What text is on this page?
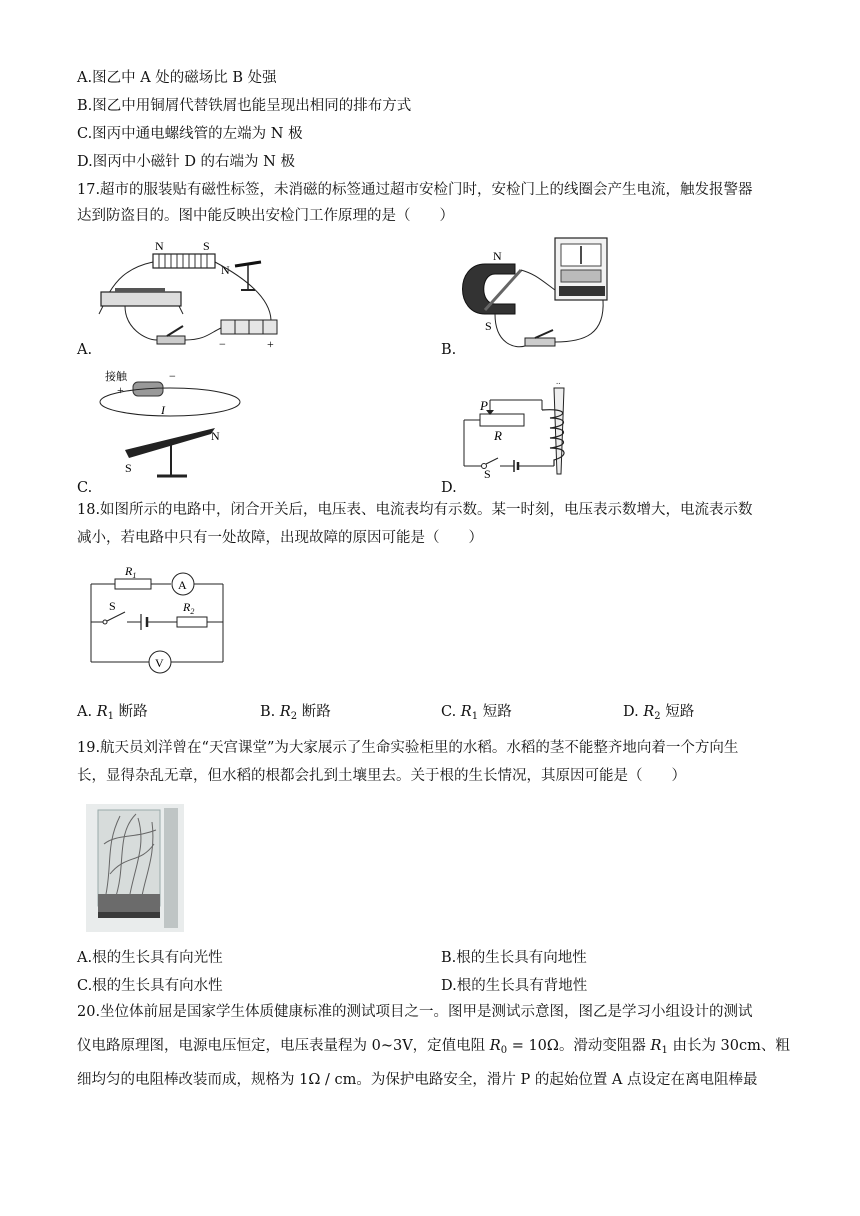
A.图乙中 A 处的磁场比 B 处强
B.图乙中用铜屑代替铁屑也能呈现出相同的排布方式
C.图丙中通电螺线管的左端为 N 极
D.图丙中小磁针 D 的右端为 N 极
17.超市的服装贴有磁性标签，未消磁的标签通过超市安检门时，安检门上的线圈会产生电流，触发报警器
达到防盗目的。图中能反映出安检门工作原理的是（　　）
N	S
N
−	+
A.
N
S
B.
接触
+
−
I
N
S
C.
P
R
S
..
D.
18.如图所示的电路中，闭合开关后，电压表、电流表均有示数。某一时刻，电压表示数增大，电流表示数
减小，若电路中只有一处故障，出现故障的原因可能是（　　）
$R_1$
A
S	$R_2$
V
A. $R_1$ 断路	B. $R_2$ 断路	C. $R_1$ 短路	D. $R_2$ 短路
19.航天员刘洋曾在“天宫课堂”为大家展示了生命实验柜里的水稻。水稻的茎不能整齐地向着一个方向生
长，显得杂乱无章，但水稻的根都会扎到土壤里去。关于根的生长情况，其原因可能是（　　）
A.根的生长具有向光性	B.根的生长具有向地性
C.根的生长具有向水性	D.根的生长具有背地性
20.坐位体前屈是国家学生体质健康标准的测试项目之一。图甲是测试示意图，图乙是学习小组设计的测试
仪电路原理图，电源电压恒定，电压表量程为 0~3V，定值电阻 $R_0 = 10\Omega$。滑动变阻器 $R_1$ 由长为 30cm、粗
细均匀的电阻棒改装而成，规格为 1Ω / cm。为保护电路安全，滑片 P 的起始位置 A 点设定在离电阻棒最
